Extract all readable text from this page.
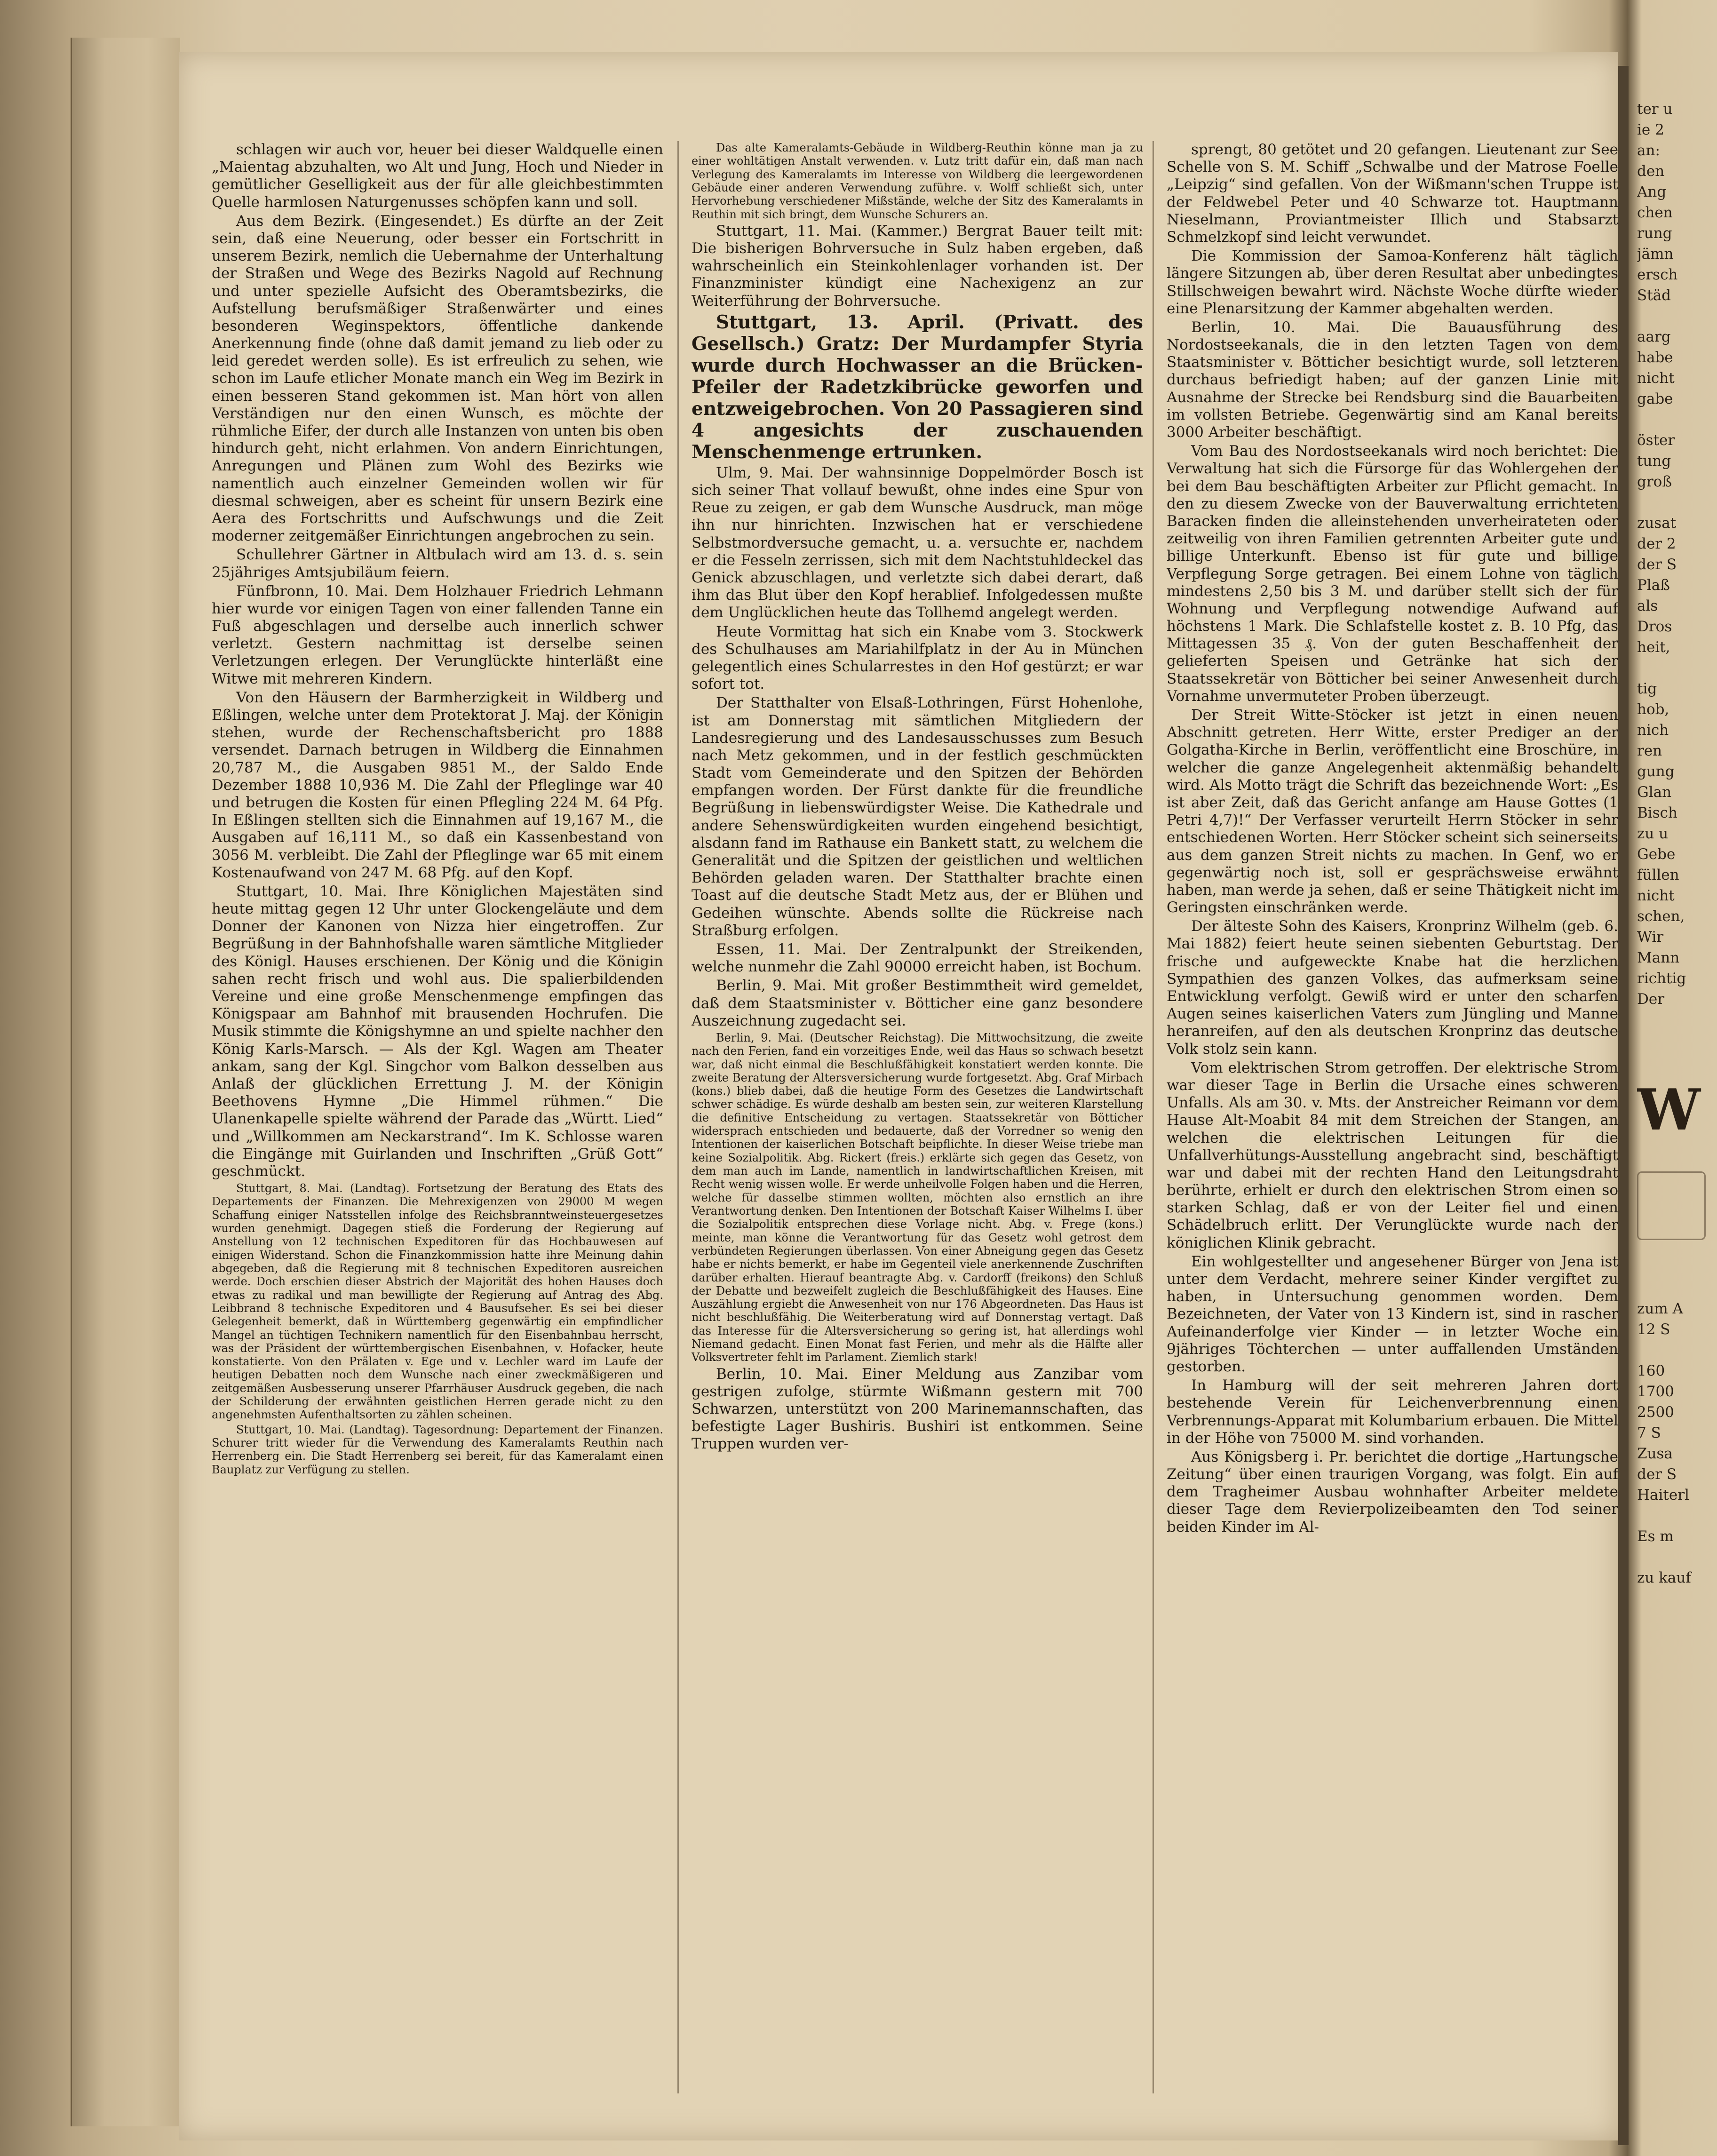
schlagen wir auch vor, heuer bei dieser Waldquelle einen „Maientag abzuhalten, wo Alt und Jung, Hoch und Nieder in gemütlicher Geselligkeit aus der für alle gleichbestimmten Quelle harmlosen Naturgenusses schöpfen kann und soll.

Aus dem Bezirk. (Eingesendet.) Es dürfte an der Zeit sein, daß eine Neuerung, oder besser ein Fortschritt in unserem Bezirk, nemlich die Uebernahme der Unterhaltung der Straßen und Wege des Bezirks Nagold auf Rechnung und unter spezielle Aufsicht des Oberamtsbezirks, die Aufstellung berufsmäßiger Straßenwärter und eines besonderen Weginspektors, öffentliche dankende Anerkennung finde (ohne daß damit jemand zu lieb oder zu leid geredet werden solle). Es ist erfreulich zu sehen, wie schon im Laufe etlicher Monate manch ein Weg im Bezirk in einen besseren Stand gekommen ist. Man hört von allen Verständigen nur den einen Wunsch, es möchte der rühmliche Eifer, der durch alle Instanzen von unten bis oben hindurch geht, nicht erlahmen. Von andern Einrichtungen, Anregungen und Plänen zum Wohl des Bezirks wie namentlich auch einzelner Gemeinden wollen wir für diesmal schweigen, aber es scheint für unsern Bezirk eine Aera des Fortschritts und Aufschwungs und die Zeit moderner zeitgemäßer Einrichtungen angebrochen zu sein.

Schullehrer Gärtner in Altbulach wird am 13. d. s. sein 25jähriges Amtsjubiläum feiern.

Fünfbronn, 10. Mai. Dem Holzhauer Friedrich Lehmann hier wurde vor einigen Tagen von einer fallenden Tanne ein Fuß abgeschlagen und derselbe auch innerlich schwer verletzt. Gestern nachmittag ist derselbe seinen Verletzungen erlegen. Der Verunglückte hinterläßt eine Witwe mit mehreren Kindern.

Von den Häusern der Barmherzigkeit in Wildberg und Eßlingen, welche unter dem Protektorat J. Maj. der Königin stehen, wurde der Rechenschaftsbericht pro 1888 versendet. Darnach betrugen in Wildberg die Einnahmen 20,787 M., die Ausgaben 9851 M., der Saldo Ende Dezember 1888 10,936 M. Die Zahl der Pfleglinge war 40 und betrugen die Kosten für einen Pflegling 224 M. 64 Pfg. In Eßlingen stellten sich die Einnahmen auf 19,167 M., die Ausgaben auf 16,111 M., so daß ein Kassenbestand von 3056 M. verbleibt. Die Zahl der Pfleglinge war 65 mit einem Kostenaufwand von 247 M. 68 Pfg. auf den Kopf.

Stuttgart, 10. Mai. Ihre Königlichen Majestäten sind heute mittag gegen 12 Uhr unter Glockengeläute und dem Donner der Kanonen von Nizza hier eingetroffen. Zur Begrüßung in der Bahnhofshalle waren sämtliche Mitglieder des Königl. Hauses erschienen. Der König und die Königin sahen recht frisch und wohl aus. Die spalierbildenden Vereine und eine große Menschenmenge empfingen das Königspaar am Bahnhof mit brausenden Hochrufen. Die Musik stimmte die Königshymne an und spielte nachher den König Karls-Marsch. — Als der Kgl. Wagen am Theater ankam, sang der Kgl. Singchor vom Balkon desselben aus Anlaß der glücklichen Errettung J. M. der Königin Beethovens Hymne „Die Himmel rühmen.“ Die Ulanenkapelle spielte während der Parade das „Württ. Lied“ und „Willkommen am Neckarstrand“. Im K. Schlosse waren die Eingänge mit Guirlanden und Inschriften „Grüß Gott“ geschmückt.

Stuttgart, 8. Mai. (Landtag). Fortsetzung der Beratung des Etats des Departements der Finanzen. Die Mehrexigenzen von 29000 M wegen Schaffung einiger Natsstellen infolge des Reichsbranntweinsteuergesetzes wurden genehmigt. Dagegen stieß die Forderung der Regierung auf Anstellung von 12 technischen Expeditoren für das Hochbauwesen auf einigen Widerstand. Schon die Finanzkommission hatte ihre Meinung dahin abgegeben, daß die Regierung mit 8 technischen Expeditoren ausreichen werde. Doch erschien dieser Abstrich der Majorität des hohen Hauses doch etwas zu radikal und man bewilligte der Regierung auf Antrag des Abg. Leibbrand 8 technische Expeditoren und 4 Bausufseher. Es sei bei dieser Gelegenheit bemerkt, daß in Württemberg gegenwärtig ein empfindlicher Mangel an tüchtigen Technikern namentlich für den Eisenbahnbau herrscht, was der Präsident der württembergischen Eisenbahnen, v. Hofacker, heute konstatierte. Von den Prälaten v. Ege und v. Lechler ward im Laufe der heutigen Debatten noch dem Wunsche nach einer zweckmäßigeren und zeitgemäßen Ausbesserung unserer Pfarrhäuser Ausdruck gegeben, die nach der Schilderung der erwähnten geistlichen Herren gerade nicht zu den angenehmsten Aufenthaltsorten zu zählen scheinen.

Stuttgart, 10. Mai. (Landtag). Tagesordnung: Departement der Finanzen. Schurer tritt wieder für die Verwendung des Kameralamts Reuthin nach Herrenberg ein. Die Stadt Herrenberg sei bereit, für das Kameralamt einen Bauplatz zur Verfügung zu stellen.

Das alte Kameralamts-Gebäude in Wildberg-Reuthin könne man ja zu einer wohltätigen Anstalt verwenden. v. Lutz tritt dafür ein, daß man nach Verlegung des Kameralamts im Interesse von Wildberg die leergewordenen Gebäude einer anderen Verwendung zuführe. v. Wolff schließt sich, unter Hervorhebung verschiedener Mißstände, welche der Sitz des Kameralamts in Reuthin mit sich bringt, dem Wunsche Schurers an.

Stuttgart, 11. Mai. (Kammer.) Bergrat Bauer teilt mit: Die bisherigen Bohrversuche in Sulz haben ergeben, daß wahrscheinlich ein Steinkohlenlager vorhanden ist. Der Finanzminister kündigt eine Nachexigenz an zur Weiterführung der Bohrversuche.

Stuttgart, 13. April. (Privatt. des Gesellsch.) Gratz: Der Murdampfer Styria wurde durch Hochwasser an die Brücken-Pfeiler der Radetzkibrücke geworfen und entzweigebrochen. Von 20 Passagieren sind 4 angesichts der zuschauenden Menschenmenge ertrunken.

Ulm, 9. Mai. Der wahnsinnige Doppelmörder Bosch ist sich seiner That vollauf bewußt, ohne indes eine Spur von Reue zu zeigen, er gab dem Wunsche Ausdruck, man möge ihn nur hinrichten. Inzwischen hat er verschiedene Selbstmordversuche gemacht, u. a. versuchte er, nachdem er die Fesseln zerrissen, sich mit dem Nachtstuhldeckel das Genick abzuschlagen, und verletzte sich dabei derart, daß ihm das Blut über den Kopf herablief. Infolgedessen mußte dem Unglücklichen heute das Tollhemd angelegt werden.

Heute Vormittag hat sich ein Knabe vom 3. Stockwerk des Schulhauses am Mariahilfplatz in der Au in München gelegentlich eines Schularrestes in den Hof gestürzt; er war sofort tot.

Der Statthalter von Elsaß-Lothringen, Fürst Hohenlohe, ist am Donnerstag mit sämtlichen Mitgliedern der Landesregierung und des Landesausschusses zum Besuch nach Metz gekommen, und in der festlich geschmückten Stadt vom Gemeinderate und den Spitzen der Behörden empfangen worden. Der Fürst dankte für die freundliche Begrüßung in liebenswürdigster Weise. Die Kathedrale und andere Sehenswürdigkeiten wurden eingehend besichtigt, alsdann fand im Rathause ein Bankett statt, zu welchem die Generalität und die Spitzen der geistlichen und weltlichen Behörden geladen waren. Der Statthalter brachte einen Toast auf die deutsche Stadt Metz aus, der er Blühen und Gedeihen wünschte. Abends sollte die Rückreise nach Straßburg erfolgen.

Essen, 11. Mai. Der Zentralpunkt der Streikenden, welche nunmehr die Zahl 90000 erreicht haben, ist Bochum.

Berlin, 9. Mai. Mit großer Bestimmtheit wird gemeldet, daß dem Staatsminister v. Bötticher eine ganz besondere Auszeichnung zugedacht sei.

Berlin, 9. Mai. (Deutscher Reichstag). Die Mittwochsitzung, die zweite nach den Ferien, fand ein vorzeitiges Ende, weil das Haus so schwach besetzt war, daß nicht einmal die Beschlußfähigkeit konstatiert werden konnte. Die zweite Beratung der Altersversicherung wurde fortgesetzt. Abg. Graf Mirbach (kons.) blieb dabei, daß die heutige Form des Gesetzes die Landwirtschaft schwer schädige. Es würde deshalb am besten sein, zur weiteren Klarstellung die definitive Entscheidung zu vertagen. Staatssekretär von Bötticher widersprach entschieden und bedauerte, daß der Vorredner so wenig den Intentionen der kaiserlichen Botschaft beipflichte. In dieser Weise triebe man keine Sozialpolitik. Abg. Rickert (freis.) erklärte sich gegen das Gesetz, von dem man auch im Lande, namentlich in landwirtschaftlichen Kreisen, mit Recht wenig wissen wolle. Er werde unheilvolle Folgen haben und die Herren, welche für dasselbe stimmen wollten, möchten also ernstlich an ihre Verantwortung denken. Den Intentionen der Botschaft Kaiser Wilhelms I. über die Sozialpolitik entsprechen diese Vorlage nicht. Abg. v. Frege (kons.) meinte, man könne die Verantwortung für das Gesetz wohl getrost dem verbündeten Regierungen überlassen. Von einer Abneigung gegen das Gesetz habe er nichts bemerkt, er habe im Gegenteil viele anerkennende Zuschriften darüber erhalten. Hierauf beantragte Abg. v. Cardorff (freikons) den Schluß der Debatte und bezweifelt zugleich die Beschlußfähigkeit des Hauses. Eine Auszählung ergiebt die Anwesenheit von nur 176 Abgeordneten. Das Haus ist nicht beschlußfähig. Die Weiterberatung wird auf Donnerstag vertagt. Daß das Interesse für die Altersversicherung so gering ist, hat allerdings wohl Niemand gedacht. Einen Monat fast Ferien, und mehr als die Hälfte aller Volksvertreter fehlt im Parlament. Ziemlich stark!

Berlin, 10. Mai. Einer Meldung aus Zanzibar vom gestrigen zufolge, stürmte Wißmann gestern mit 700 Schwarzen, unterstützt von 200 Marinemannschaften, das befestigte Lager Bushiris. Bushiri ist entkommen. Seine Truppen wurden ver-

sprengt, 80 getötet und 20 gefangen. Lieutenant zur See Schelle von S. M. Schiff „Schwalbe und der Matrose Foelle „Leipzig“ sind gefallen. Von der Wißmann'schen Truppe ist der Feldwebel Peter und 40 Schwarze tot. Hauptmann Nieselmann, Proviantmeister Illich und Stabsarzt Schmelzkopf sind leicht verwundet.

Die Kommission der Samoa-Konferenz hält täglich längere Sitzungen ab, über deren Resultat aber unbedingtes Stillschweigen bewahrt wird. Nächste Woche dürfte wieder eine Plenarsitzung der Kammer abgehalten werden.

Berlin, 10. Mai. Die Bauausführung des Nordostseekanals, die in den letzten Tagen von dem Staatsminister v. Bötticher besichtigt wurde, soll letzteren durchaus befriedigt haben; auf der ganzen Linie mit Ausnahme der Strecke bei Rendsburg sind die Bauarbeiten im vollsten Betriebe. Gegenwärtig sind am Kanal bereits 3000 Arbeiter beschäftigt.

Vom Bau des Nordostseekanals wird noch berichtet: Die Verwaltung hat sich die Fürsorge für das Wohlergehen der bei dem Bau beschäftigten Arbeiter zur Pflicht gemacht. In den zu diesem Zwecke von der Bauverwaltung errichteten Baracken finden die alleinstehenden unverheirateten oder zeitweilig von ihren Familien getrennten Arbeiter gute und billige Unterkunft. Ebenso ist für gute und billige Verpflegung Sorge getragen. Bei einem Lohne von täglich mindestens 2,50 bis 3 M. und darüber stellt sich der für Wohnung und Verpflegung notwendige Aufwand auf höchstens 1 Mark. Die Schlafstelle kostet z. B. 10 Pfg, das Mittagessen 35 ₰. Von der guten Beschaffenheit der gelieferten Speisen und Getränke hat sich der Staatssekretär von Bötticher bei seiner Anwesenheit durch Vornahme unvermuteter Proben überzeugt.

Der Streit Witte-Stöcker ist jetzt in einen neuen Abschnitt getreten. Herr Witte, erster Prediger an der Golgatha-Kirche in Berlin, veröffentlicht eine Broschüre, in welcher die ganze Angelegenheit aktenmäßig behandelt wird. Als Motto trägt die Schrift das bezeichnende Wort: „Es ist aber Zeit, daß das Gericht anfange am Hause Gottes (1 Petri 4,7)!“ Der Verfasser verurteilt Herrn Stöcker in sehr entschiedenen Worten. Herr Stöcker scheint sich seinerseits aus dem ganzen Streit nichts zu machen. In Genf, wo er gegenwärtig noch ist, soll er gesprächsweise erwähnt haben, man werde ja sehen, daß er seine Thätigkeit nicht im Geringsten einschränken werde.

Der älteste Sohn des Kaisers, Kronprinz Wilhelm (geb. 6. Mai 1882) feiert heute seinen siebenten Geburtstag. Der frische und aufgeweckte Knabe hat die herzlichen Sympathien des ganzen Volkes, das aufmerksam seine Entwicklung verfolgt. Gewiß wird er unter den scharfen Augen seines kaiserlichen Vaters zum Jüngling und Manne heranreifen, auf den als deutschen Kronprinz das deutsche Volk stolz sein kann.

Vom elektrischen Strom getroffen. Der elektrische Strom war dieser Tage in Berlin die Ursache eines schweren Unfalls. Als am 30. v. Mts. der Anstreicher Reimann vor dem Hause Alt-Moabit 84 mit dem Streichen der Stangen, an welchen die elektrischen Leitungen für die Unfallverhütungs-Ausstellung angebracht sind, beschäftigt war und dabei mit der rechten Hand den Leitungsdraht berührte, erhielt er durch den elektrischen Strom einen so starken Schlag, daß er von der Leiter fiel und einen Schädelbruch erlitt. Der Verunglückte wurde nach der königlichen Klinik gebracht.

Ein wohlgestellter und angesehener Bürger von Jena ist unter dem Verdacht, mehrere seiner Kinder vergiftet zu haben, in Untersuchung genommen worden. Dem Bezeichneten, der Vater von 13 Kindern ist, sind in rascher Aufeinanderfolge vier Kinder — in letzter Woche ein 9jähriges Töchterchen — unter auffallenden Umständen gestorben.

In Hamburg will der seit mehreren Jahren dort bestehende Verein für Leichenverbrennung einen Verbrennungs-Apparat mit Kolumbarium erbauen. Die Mittel in der Höhe von 75000 M. sind vorhanden.

Aus Königsberg i. Pr. berichtet die dortige „Hartungsche Zeitung“ über einen traurigen Vorgang, was folgt. Ein auf dem Tragheimer Ausbau wohnhafter Arbeiter meldete dieser Tage dem Revierpolizeibeamten den Tod seiner beiden Kinder im Al-

ter u
ie 2
an:
den
Ang
chen
rung
jämn
ersch
Städ

aarg
habe
nicht
gabe

öster
tung
groß

zusat
der 2
der S
Plaß
als
Dros
heit,

tig
hob,
nich
ren
gung
Glan
Bisch
zu u
Gebe
füllen
nicht
schen,
Wir
Mann
richtig
Der

W

zum A
12 S

160
1700
2500
7 S
Zusa
der S
Haiterl

Es m

zu kauf
